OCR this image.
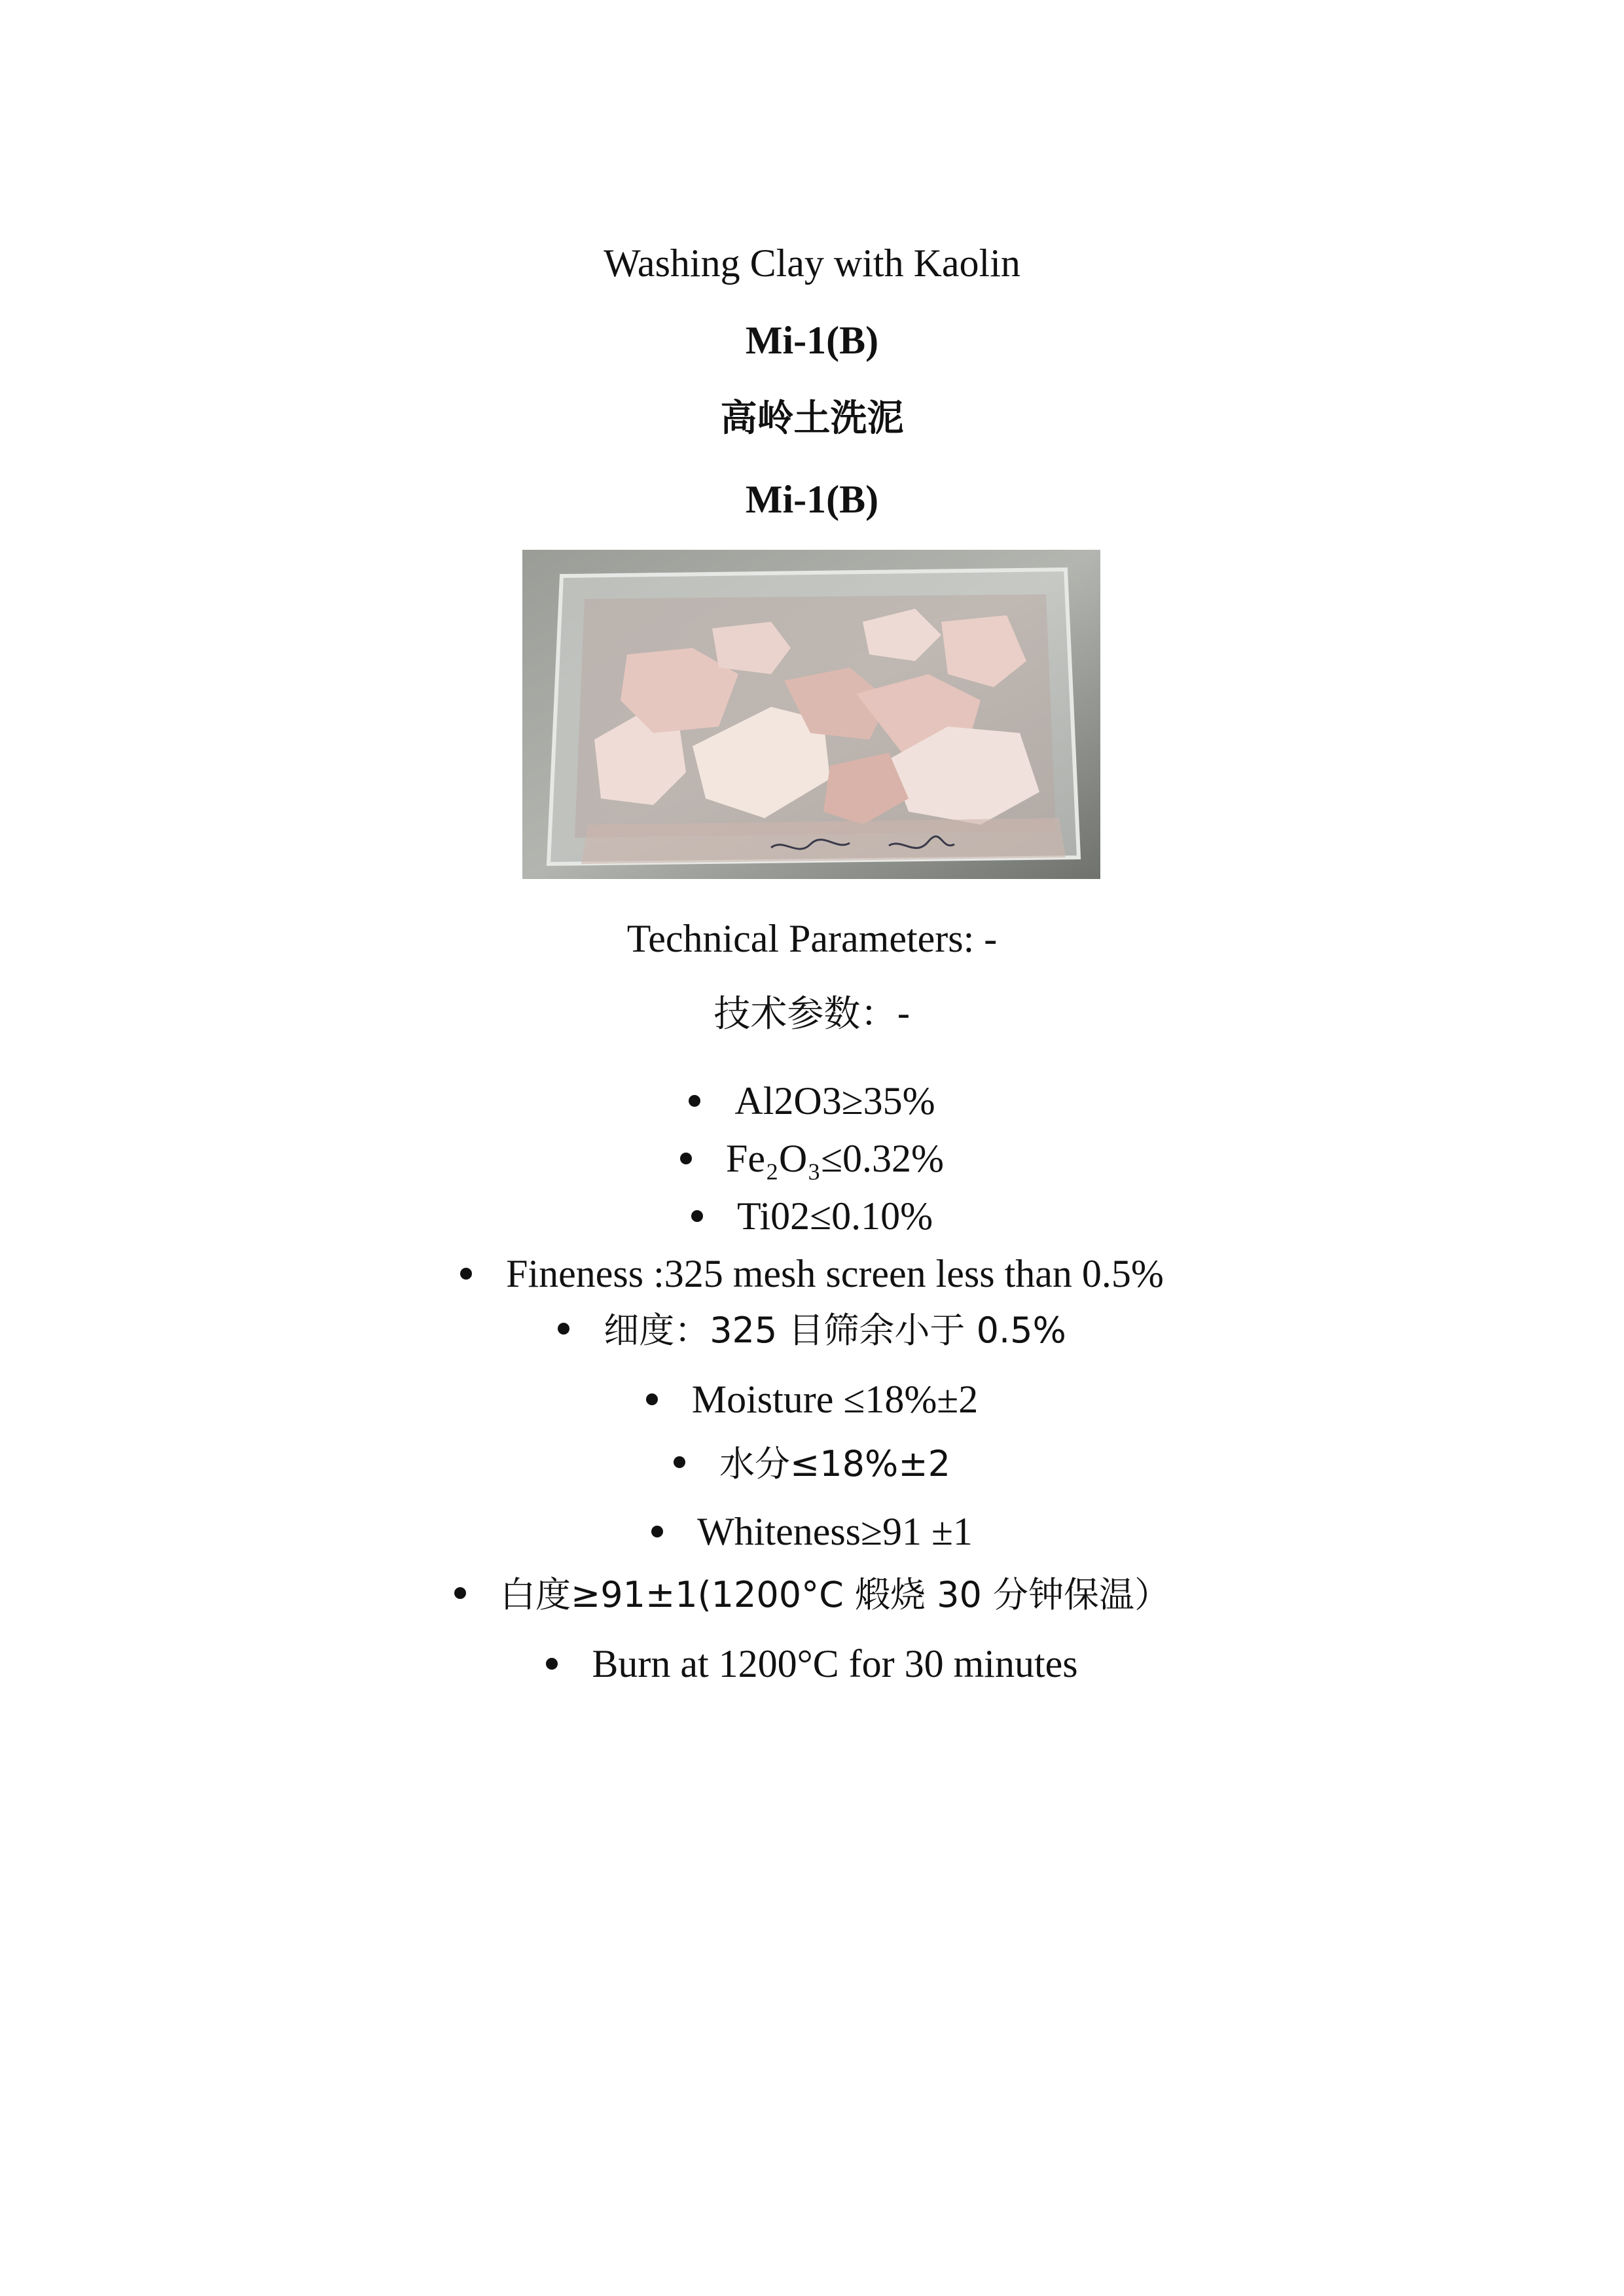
Washing Clay with Kaolin
Mi-1(B)
高岭土洗泥
Mi-1(B)
Technical Parameters: -
技术参数：-
Al2O3≥35%
Fe₂O₃≤0.32%
Ti02≤0.10%
Fineness :325 mesh screen less than 0.5%
细度：325 目筛余小于 0.5%
Moisture ≤18%±2
水分≤18%±2
Whiteness≥91 ±1
白度≥91±1(1200°C 煅烧 30 分钟保温）
Burn at 1200°C for 30 minutes
